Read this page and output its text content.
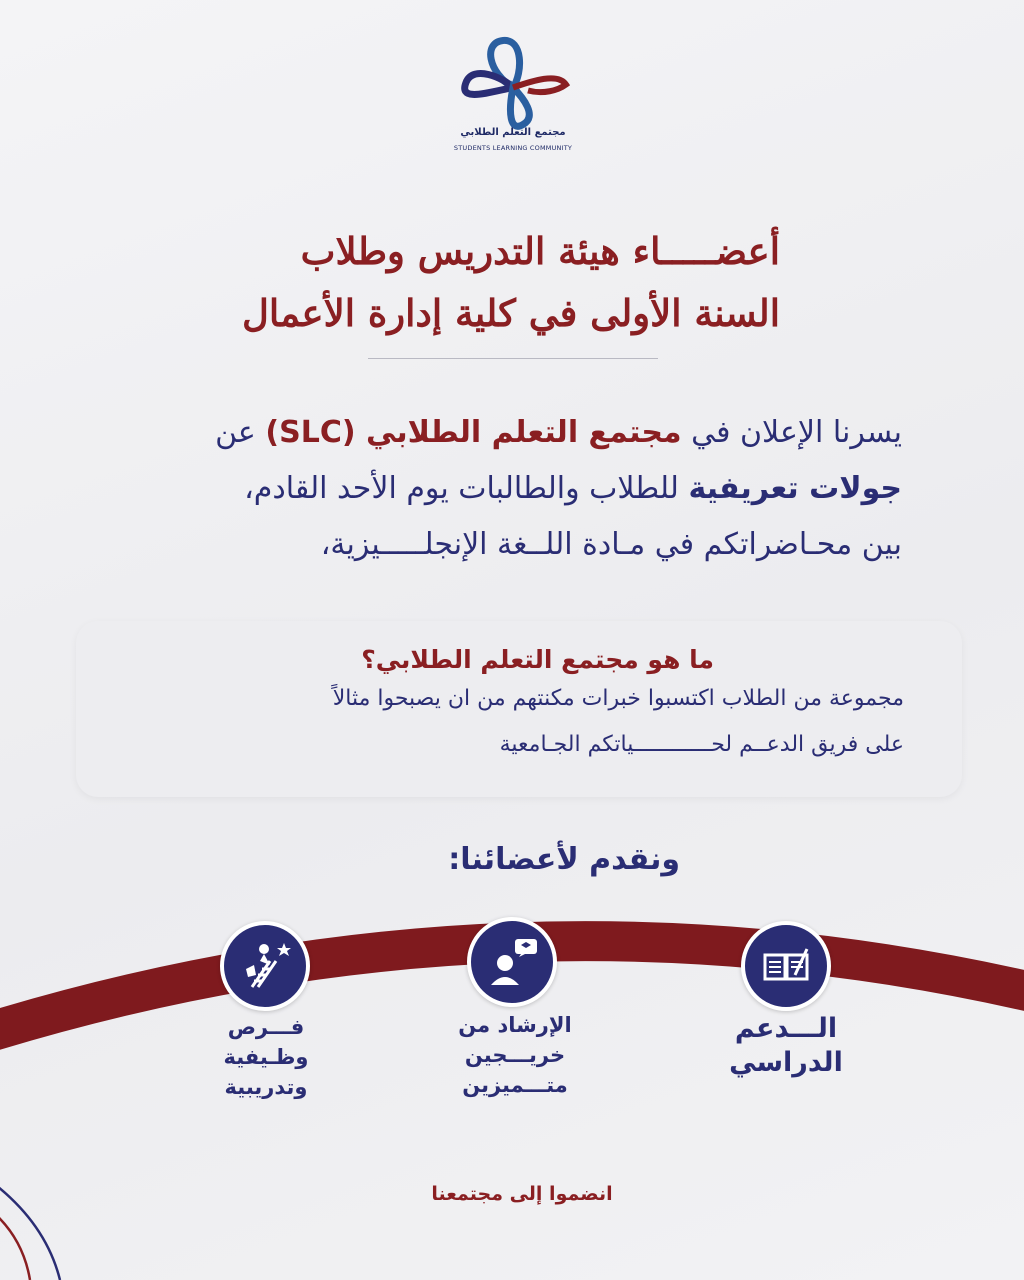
مجتمع التعلم الطلابي
STUDENTS LEARNING COMMUNITY
أعضـــــاء هيئة التدريس وطلاب
السنة الأولى في كلية إدارة الأعمال
يسرنا الإعلان في مجتمع التعلم الطلابي (SLC) عن
جولات تعريفية للطلاب والطالبات يوم الأحد القادم،
بين محـاضراتكم في مـادة اللــغة الإنجلـــــيزية،
ما هو مجتمع التعلم الطلابي؟
مجموعة من الطلاب اكتسبوا خبرات مكنتهم من ان يصبحوا مثالاً
على فريق الدعــم لحــــــــــــياتكم الجـامعية
ونقدم لأعضائنا:
الـــدعم الدراسي
الإرشاد من خريـــجين متـــميزين
فـــرص وظـيفية وتدريبية
انضموا إلى مجتمعنا
